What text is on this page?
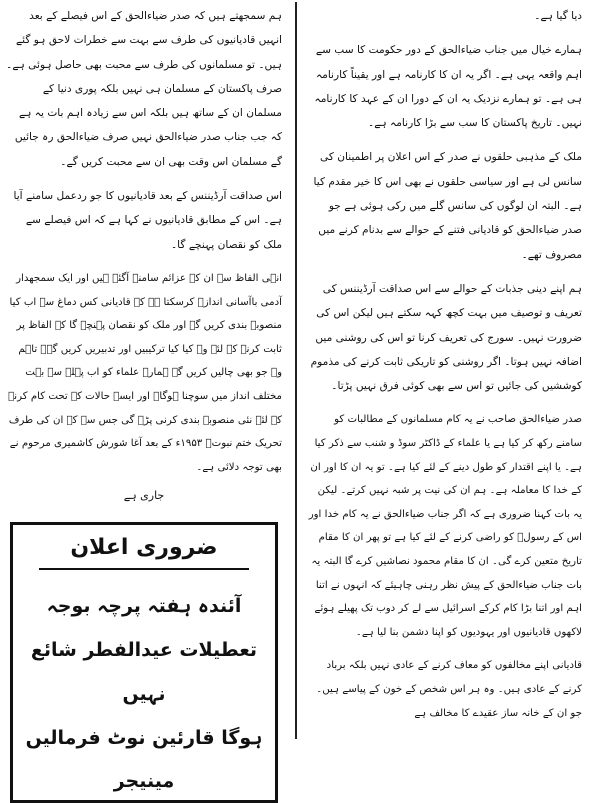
دیا گیا ہے۔

ہمارے خیال میں جناب ضیاءالحق کے دور حکومت کا سب سے اہم واقعہ یہی ہے۔ اگر یہ ان کا کارنامہ ہے اور یقیناً کارنامہ ہی ہے۔ تو ہمارے نزدیک یہ ان کے دورا ان کے عہد کا کارنامہ نہیں۔ تاریخ پاکستان کا سب سے بڑا کارنامہ ہے۔

ملک کے مذہبی حلقوں نے صدر کے اس اعلان پر اطمینان کی سانس لی ہے اور سیاسی حلقوں نے بھی اس کا خیر مقدم کیا ہے۔ البتہ ان لوگوں کی سانس گلے میں رکی ہوئی ہے جو صدر ضیاءالحق کو قادیانی فتنے کے حوالے سے بدنام کرنے میں مصروف تھے۔

ہم اپنے دینی جذبات کے حوالے سے اس صداقت آرڈیننس کی تعریف و توصیف میں بہت کچھ کہہ سکتے ہیں لیکن اس کی ضرورت نہیں۔ سورج کی تعریف کرنا تو اس کی روشنی میں اضافہ نہیں ہوتا۔ اگر روشنی کو تاریکی ثابت کرنے کی مذموم کوششیں کی جائیں تو اس سے بھی کوئی فرق نہیں پڑتا۔

صدر ضیاءالحق صاحب نے یہ کام مسلمانوں کے مطالبات کو سامنے رکھ کر کیا ہے یا علماء کے ڈاکٹر سوڈ و شنب سے ذکر کیا ہے۔ یا اپنے اقتدار کو طول دینے کے لئے کیا ہے۔ تو یہ ان کا اور ان کے خدا کا معاملہ ہے۔ ہم ان کی نیت پر شبہ نہیں کرتے۔ لیکن یہ بات کہنا ضروری ہے کہ اگر جناب ضیاءالحق نے یہ کام خدا اور اس کے رسولؐ کو راضی کرنے کے لئے کیا ہے تو پھر ان کا مقام تاریخ متعین کرے گی۔ ان کا مقام محمود نصاشیں کرے گا البتہ یہ بات جناب ضیاءالحق کے پیش نظر رہنی چاہیئے کہ انہوں نے اتنا اہم اور اتنا بڑا کام کرکے اسرائیل سے لے کر دوب تک پھیلے ہوئے لاکھوں قادیانیوں اور یہودیوں کو اپنا دشمن بنا لیا ہے۔

قادیانی اپنے مخالفوں کو معاف کرنے کے عادی نہیں بلکہ برباد کرنے کے عادی ہیں۔ وہ ہر اس شخص کے خون کے پیاسے ہیں۔ جو ان کے خانہ ساز عقیدے کا مخالف ہے

ہم سمجھتے ہیں کہ صدر ضیاءالحق کے اس فیصلے کے بعد انہیں قادیانیوں کی طرف سے بہت سے خطرات لاحق ہو گئے ہیں۔ تو مسلمانوں کی طرف سے محبت بھی حاصل ہوئی ہے۔ صرف پاکستان کے مسلمان ہی نہیں بلکہ پوری دنیا کے مسلمان ان کے ساتھ ہیں بلکہ اس سے زیادہ اہم بات یہ ہے کہ جب جناب صدر ضیاءالحق نہیں صرف ضیاءالحق رہ جائیں گے مسلمان اس وقت بھی ان سے محبت کریں گے۔

اس صداقت آرڈیننس کے بعد قادیانیوں کا جو ردعمل سامنے آیا ہے۔ اس کے مطابق قادیانیوں نے کہا ہے کہ اس فیصلے سے ملک کو نقصان پہنچے گا۔

انہی الفاظ سے ان کے عزائم سامنے آگئے ہیں اور ایک سمجھدار آدمی باآسانی اندازہ کرسکتا ہے کہ قادیانی کس دماغ سے اب کیا منصوبہ بندی کریں گے اور ملک کو نقصان پہنچے گا کے الفاظ پر ثابت کرنے کے لئے وہ کیا کیا ترکیبیں اور تدبیریں کریں گے۔ تاہم وہ جو بھی چالیں کریں گے ہمارے علماء کو اب پہلے سے بہت مختلف انداز میں سوچنا ہوگا۔ اور ایسے حالات کے تحت کام کرنے کے لئے نئی منصوبہ بندی کرنی پڑے گی جس سے کہ ان کی طرف تحریک ختم نبوتؐ ۱۹۵۳ء کے بعد آغا شورش کاشمیری مرحوم نے بھی توجہ دلائی ہے۔

جاری ہے
ضروری اعلان
آئندہ ہفتہ پرچہ بوجہ
تعطیلات عیدالفطر شائع نہیں
ہوگا قارئین نوٹ فرمالیں
مینیجر
